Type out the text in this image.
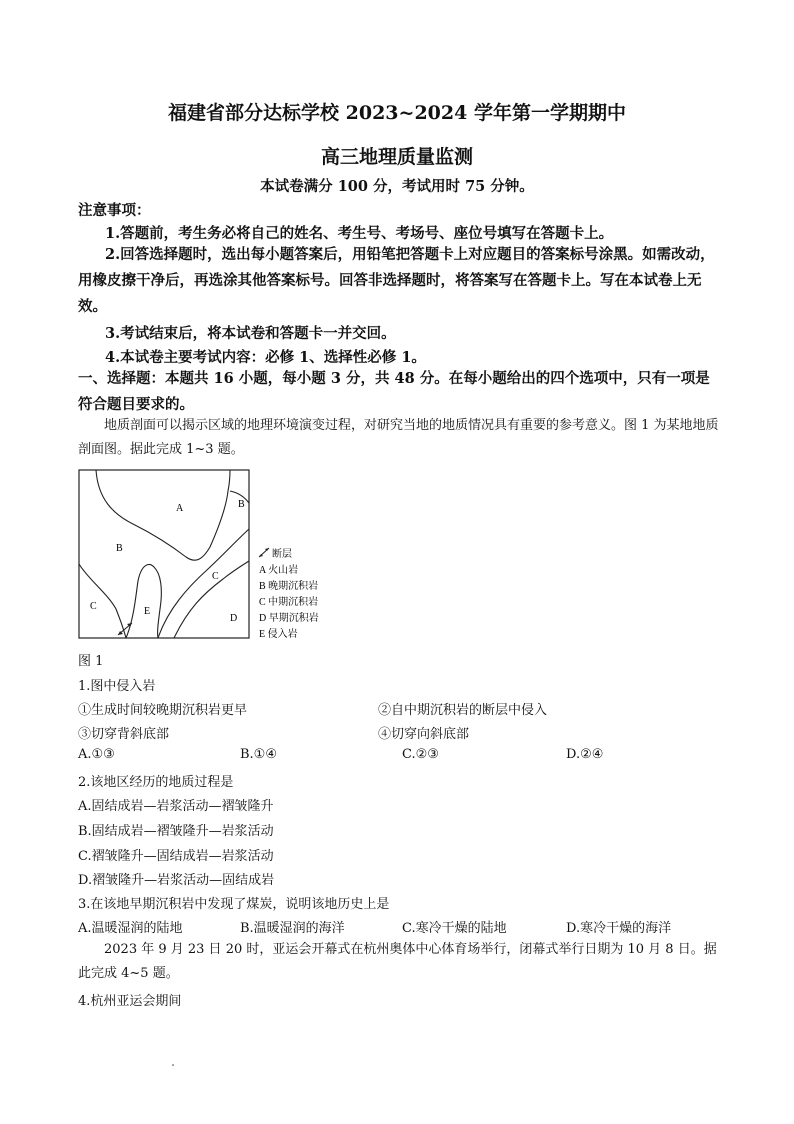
福建省部分达标学校 2023~2024 学年第一学期期中
高三地理质量监测
本试卷满分 100 分，考试用时 75 分钟。
注意事项：
1.答题前，考生务必将自己的姓名、考生号、考场号、座位号填写在答题卡上。
2.回答选择题时，选出每小题答案后，用铅笔把答题卡上对应题目的答案标号涂黑。如需改动，用橡皮擦干净后，再选涂其他答案标号。回答非选择题时，将答案写在答题卡上。写在本试卷上无效。
3.考试结束后，将本试卷和答题卡一并交回。
4.本试卷主要考试内容：必修 1、选择性必修 1。
一、选择题：本题共 16 小题，每小题 3 分，共 48 分。在每小题给出的四个选项中，只有一项是符合题目要求的。
地质剖面可以揭示区域的地理环境演变过程，对研究当地的地质情况具有重要的参考意义。图 1 为某地地质剖面图。据此完成 1~3 题。
A	B
B
C
C	E
D
断层
A 火山岩
B 晚期沉积岩
C 中期沉积岩
D 早期沉积岩
E 侵入岩
图 1
1.图中侵入岩
①生成时间较晚期沉积岩更早	②自中期沉积岩的断层中侵入
③切穿背斜底部	④切穿向斜底部
A.①③	B.①④	C.②③	D.②④
2.该地区经历的地质过程是
A.固结成岩—岩浆活动—褶皱隆升
B.固结成岩—褶皱隆升—岩浆活动
C.褶皱隆升—固结成岩—岩浆活动
D.褶皱隆升—岩浆活动—固结成岩
3.在该地早期沉积岩中发现了煤炭，说明该地历史上是
A.温暖湿润的陆地	B.温暖湿润的海洋	C.寒冷干燥的陆地	D.寒冷干燥的海洋
2023 年 9 月 23 日 20 时，亚运会开幕式在杭州奥体中心体育场举行，闭幕式举行日期为 10 月 8 日。据此完成 4~5 题。
4.杭州亚运会期间
